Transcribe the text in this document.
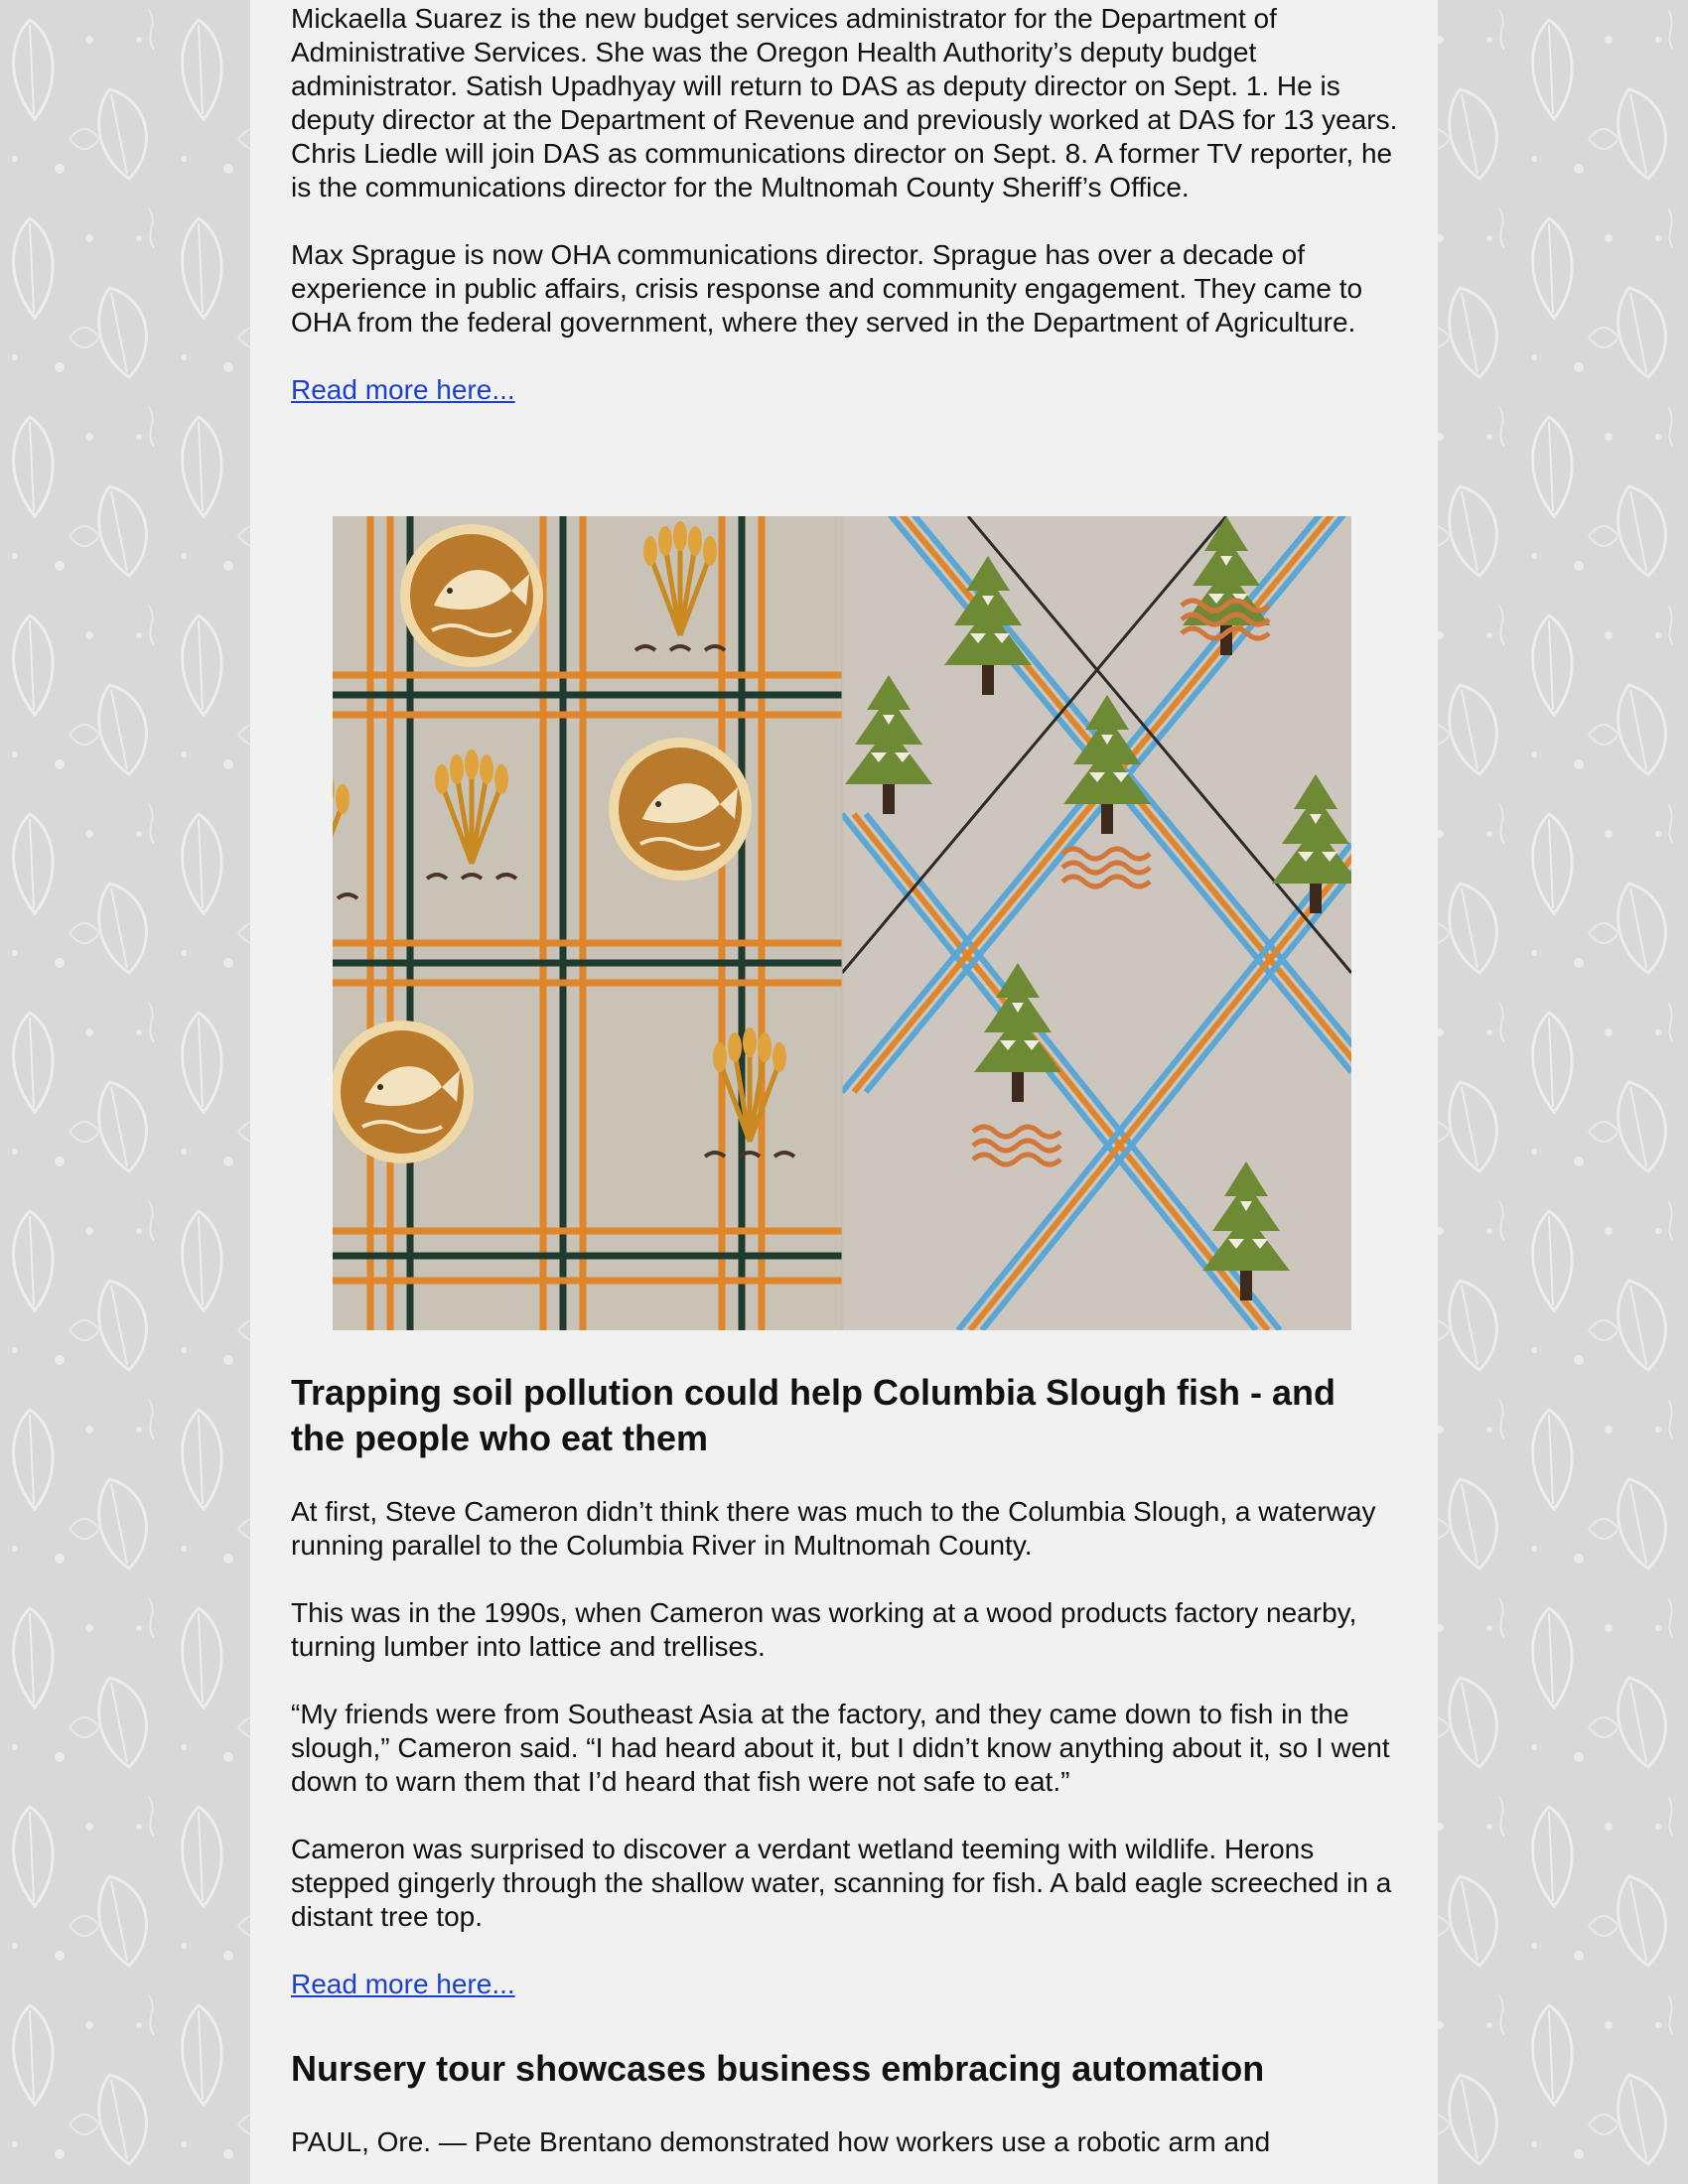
Mickaella Suarez is the new budget services administrator for the Department of Administrative Services. She was the Oregon Health Authority’s deputy budget administrator. Satish Upadhyay will return to DAS as deputy director on Sept. 1. He is deputy director at the Department of Revenue and previously worked at DAS for 13 years. Chris Liedle will join DAS as communications director on Sept. 8. A former TV reporter, he is the communications director for the Multnomah County Sheriff’s Office.

Max Sprague is now OHA communications director. Sprague has over a decade of experience in public affairs, crisis response and community engagement. They came to OHA from the federal government, where they served in the Department of Agriculture.

Read more here...

Trapping soil pollution could help Columbia Slough fish - and the people who eat them

At first, Steve Cameron didn’t think there was much to the Columbia Slough, a waterway running parallel to the Columbia River in Multnomah County.

This was in the 1990s, when Cameron was working at a wood products factory nearby, turning lumber into lattice and trellises.

“My friends were from Southeast Asia at the factory, and they came down to fish in the slough,” Cameron said. “I had heard about it, but I didn’t know anything about it, so I went down to warn them that I’d heard that fish were not safe to eat.”

Cameron was surprised to discover a verdant wetland teeming with wildlife. Herons stepped gingerly through the shallow water, scanning for fish. A bald eagle screeched in a distant tree top.

Read more here...

Nursery tour showcases business embracing automation

PAUL, Ore. — Pete Brentano demonstrated how workers use a robotic arm and
